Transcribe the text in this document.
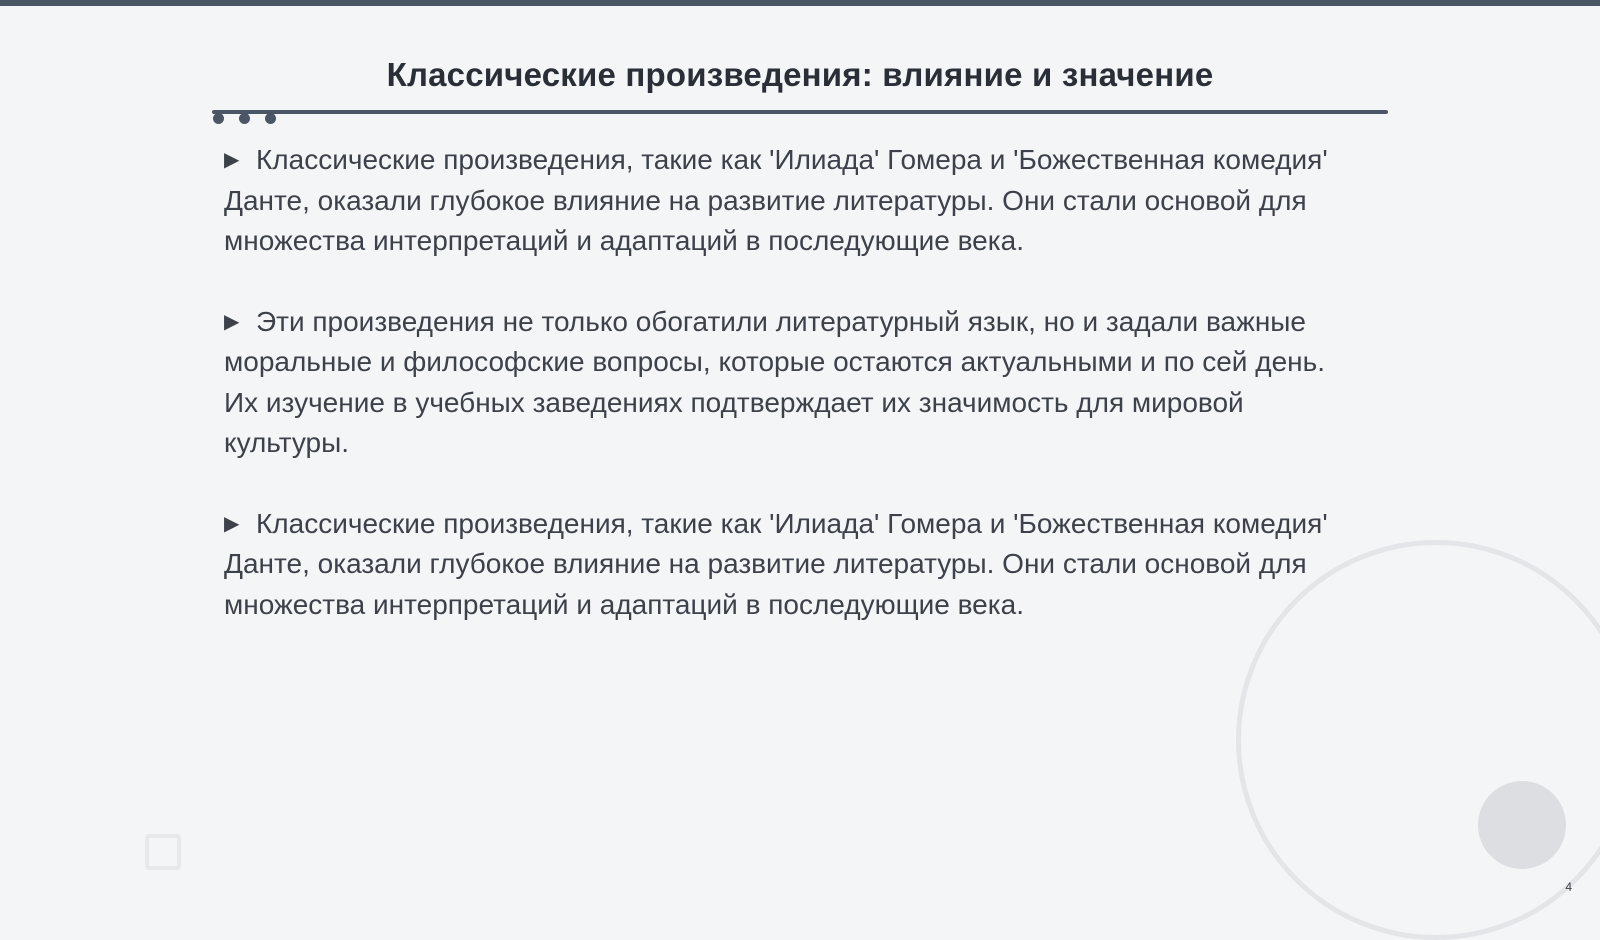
Классические произведения: влияние и значение
▶ Классические произведения, такие как 'Илиада' Гомера и 'Божественная комедия' Данте, оказали глубокое влияние на развитие литературы. Они стали основой для множества интерпретаций и адаптаций в последующие века.
▶ Эти произведения не только обогатили литературный язык, но и задали важные моральные и философские вопросы, которые остаются актуальными и по сей день. Их изучение в учебных заведениях подтверждает их значимость для мировой культуры.
▶ Классические произведения, такие как 'Илиада' Гомера и 'Божественная комедия' Данте, оказали глубокое влияние на развитие литературы. Они стали основой для множества интерпретаций и адаптаций в последующие века.
4
